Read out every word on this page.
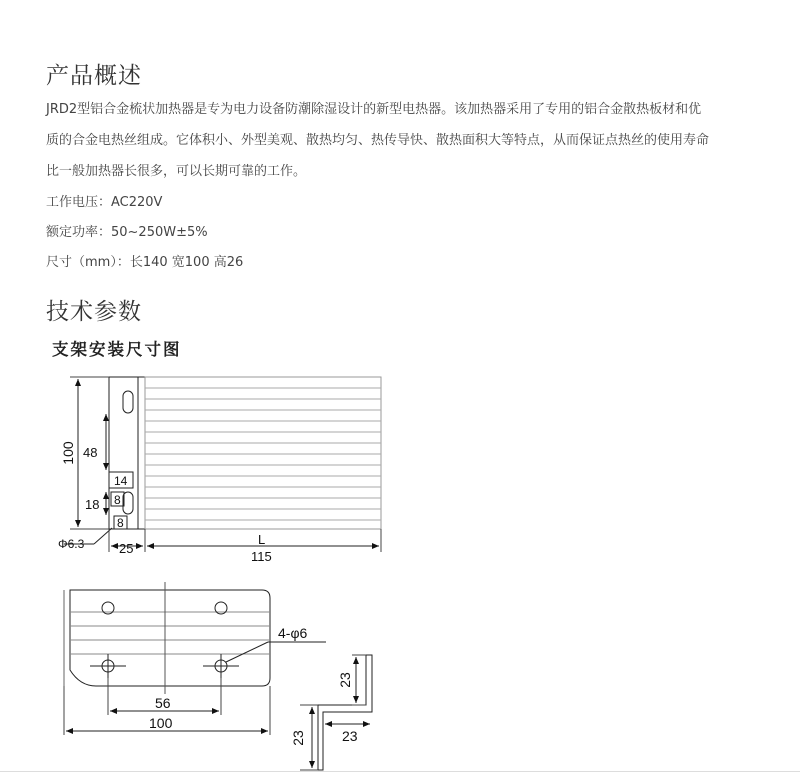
产品概述
JRD2型铝合金梳状加热器是专为电力设备防潮除湿设计的新型电热器。该加热器采用了专用的铝合金散热板材和优
质的合金电热丝组成。它体积小、外型美观、散热均匀、热传导快、散热面积大等特点，从而保证点热丝的使用寿命
比一般加热器长很多，可以长期可靠的工作。
工作电压：AC220V
额定功率：50~250W±5%
尺寸（mm）：长140 宽100 高26
技术参数
支架安装尺寸图
100 48
14
18 8
8
Φ6.3	25
L
115
4-φ6
56
100
23
23	23
